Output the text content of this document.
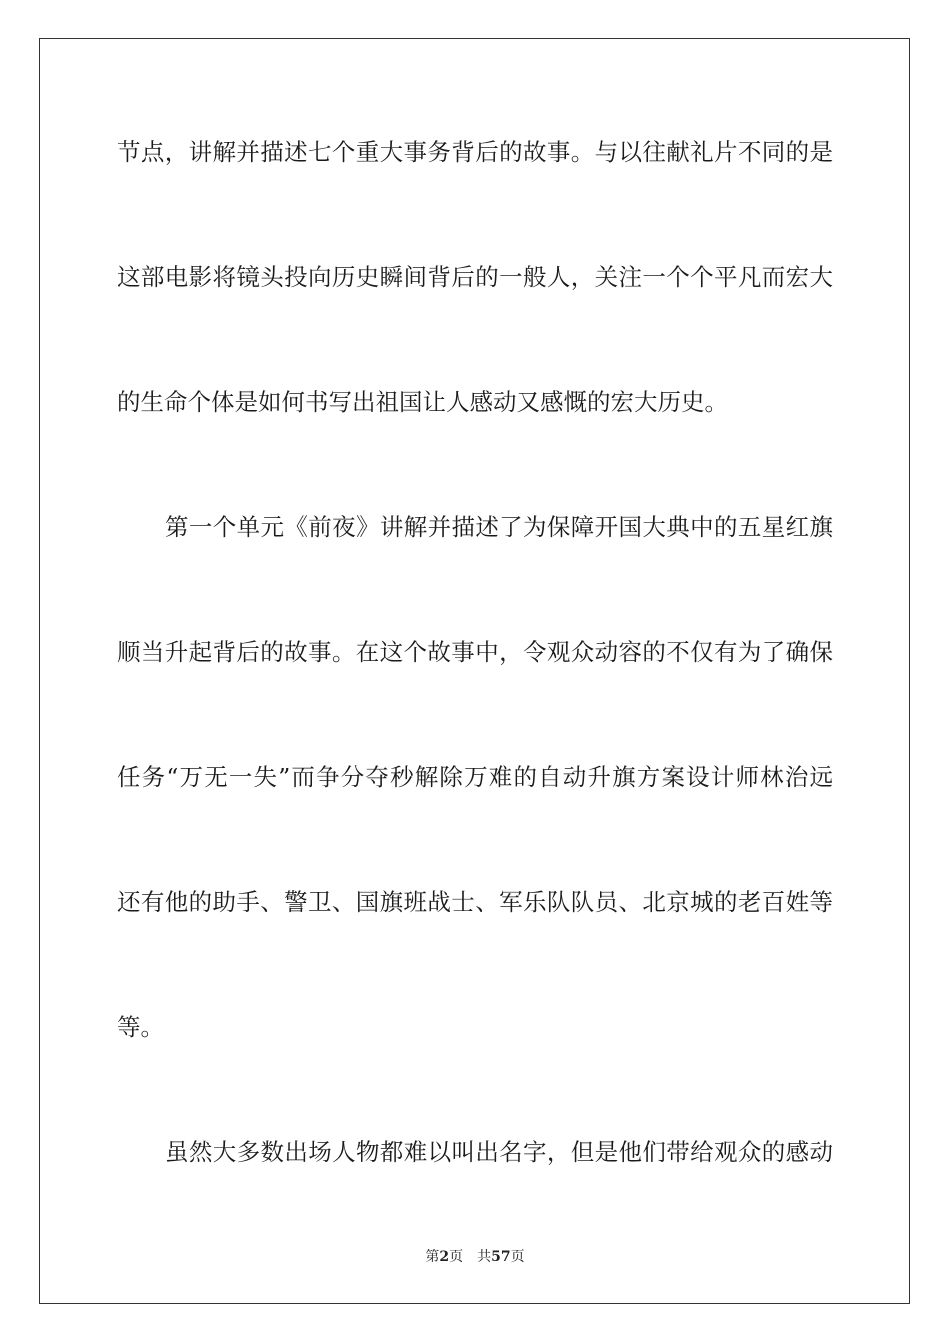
节点，讲解并描述七个重大事务背后的故事。与以往献礼片不同的是
这部电影将镜头投向历史瞬间背后的一般人，关注一个个平凡而宏大
的生命个体是如何书写出祖国让人感动又感慨的宏大历史。
第一个单元《前夜》讲解并描述了为保障开国大典中的五星红旗
顺当升起背后的故事。在这个故事中，令观众动容的不仅有为了确保
任务“万无一失”而争分夺秒解除万难的自动升旗方案设计师林治远
还有他的助手、警卫、国旗班战士、军乐队队员、北京城的老百姓等
等。
虽然大多数出场人物都难以叫出名字，但是他们带给观众的感动
第2页 共57页
